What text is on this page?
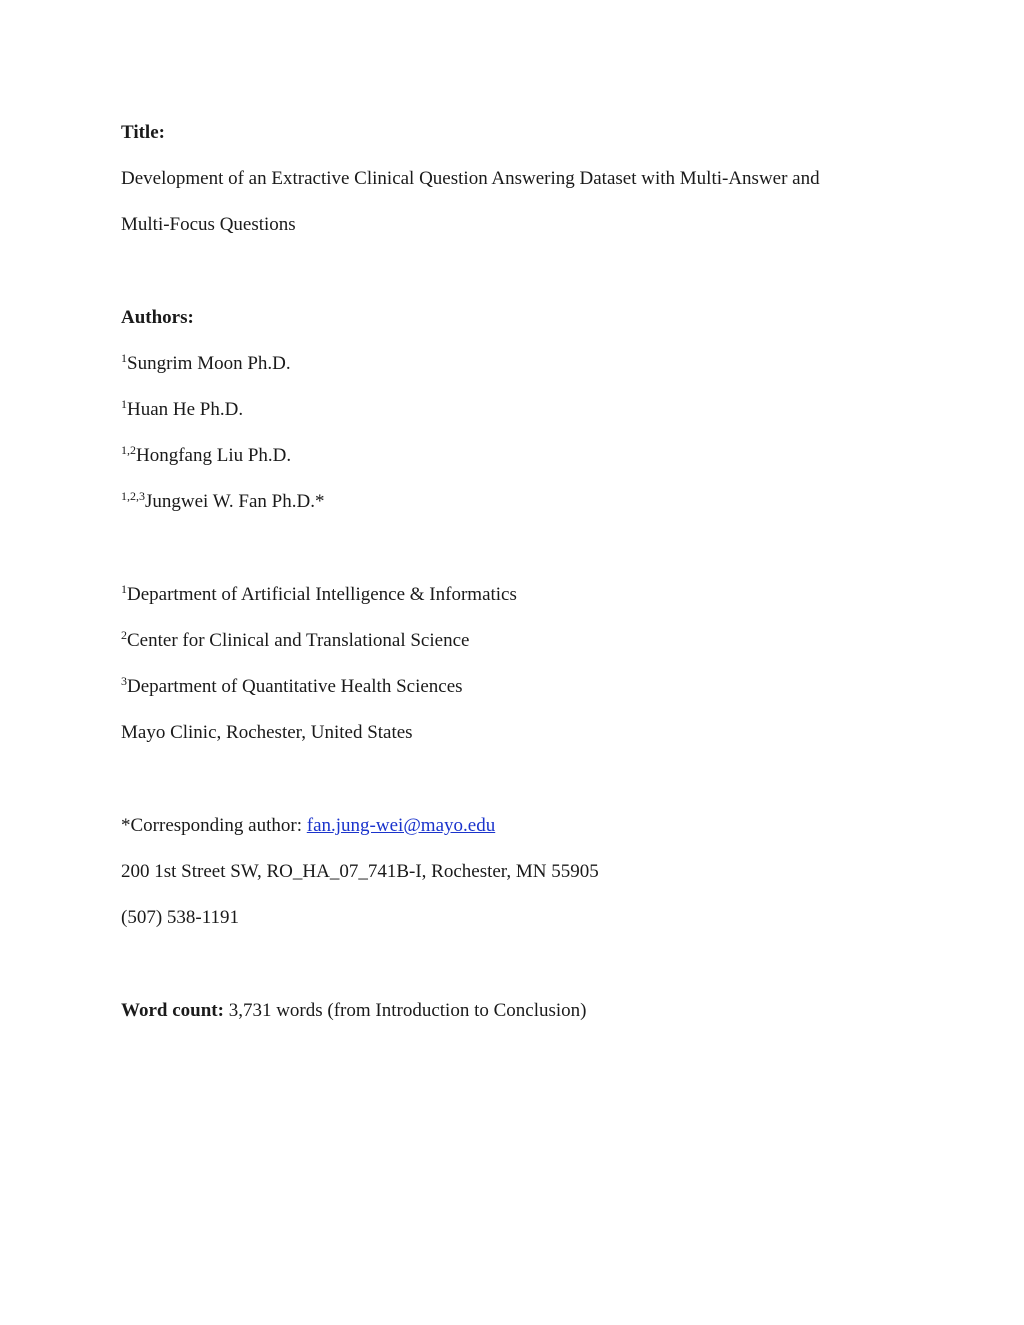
Title:
Development of an Extractive Clinical Question Answering Dataset with Multi-Answer and
Multi-Focus Questions
Authors:
$^1$Sungrim Moon Ph.D.
$^1$Huan He Ph.D.
$^{1,2}$Hongfang Liu Ph.D.
$^{1,2,3}$Jungwei W. Fan Ph.D.*
$^1$Department of Artificial Intelligence & Informatics
$^2$Center for Clinical and Translational Science
$^3$Department of Quantitative Health Sciences
Mayo Clinic, Rochester, United States
*Corresponding author: fan.jung-wei@mayo.edu
200 1st Street SW, RO_HA_07_741B-I, Rochester, MN 55905
(507) 538-1191
Word count: 3,731 words (from Introduction to Conclusion)
